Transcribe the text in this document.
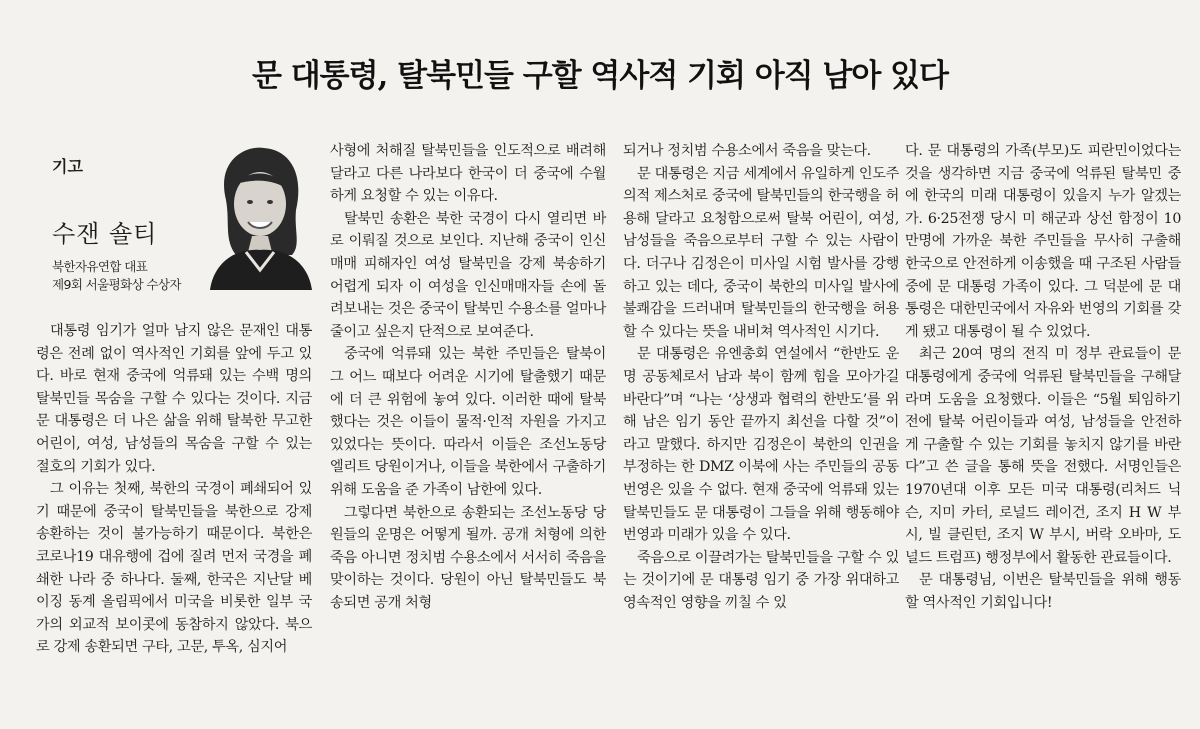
문 대통령, 탈북민들 구할 역사적 기회 아직 남아 있다
기고
수잰 숄티
북한자유연합 대표
제9회 서울평화상 수상자

대통령 임기가 얼마 남지 않은 문재인 대통령은 전례 없이 역사적인 기회를 앞에 두고 있다. 바로 현재 중국에 억류돼 있는 수백 명의 탈북민들 목숨을 구할 수 있다는 것이다. 지금 문 대통령은 더 나은 삶을 위해 탈북한 무고한 어린이, 여성, 남성들의 목숨을 구할 수 있는 절호의 기회가 있다.

그 이유는 첫째, 북한의 국경이 폐쇄되어 있기 때문에 중국이 탈북민들을 북한으로 강제 송환하는 것이 불가능하기 때문이다. 북한은 코로나19 대유행에 겁에 질려 먼저 국경을 폐쇄한 나라 중 하나다. 둘째, 한국은 지난달 베이징 동계 올림픽에서 미국을 비롯한 일부 국가의 외교적 보이콧에 동참하지 않았다. 북으로 강제 송환되면 구타, 고문, 투옥, 심지어

사형에 처해질 탈북민들을 인도적으로 배려해달라고 다른 나라보다 한국이 더 중국에 수월하게 요청할 수 있는 이유다.

탈북민 송환은 북한 국경이 다시 열리면 바로 이뤄질 것으로 보인다. 지난해 중국이 인신매매 피해자인 여성 탈북민을 강제 북송하기 어렵게 되자 이 여성을 인신매매자들 손에 돌려보내는 것은 중국이 탈북민 수용소를 얼마나 줄이고 싶은지 단적으로 보여준다.

중국에 억류돼 있는 북한 주민들은 탈북이 그 어느 때보다 어려운 시기에 탈출했기 때문에 더 큰 위험에 놓여 있다. 이러한 때에 탈북했다는 것은 이들이 물적·인적 자원을 가지고 있었다는 뜻이다. 따라서 이들은 조선노동당 엘리트 당원이거나, 이들을 북한에서 구출하기 위해 도움을 준 가족이 남한에 있다.

그렇다면 북한으로 송환되는 조선노동당 당원들의 운명은 어떻게 될까. 공개 처형에 의한 죽음 아니면 정치범 수용소에서 서서히 죽음을 맞이하는 것이다. 당원이 아닌 탈북민들도 북송되면 공개 처형

되거나 정치범 수용소에서 죽음을 맞는다.

문 대통령은 지금 세계에서 유일하게 인도주의적 제스처로 중국에 탈북민들의 한국행을 허용해 달라고 요청함으로써 탈북 어린이, 여성, 남성들을 죽음으로부터 구할 수 있는 사람이다. 더구나 김정은이 미사일 시험 발사를 강행하고 있는 데다, 중국이 북한의 미사일 발사에 불쾌감을 드러내며 탈북민들의 한국행을 허용할 수 있다는 뜻을 내비쳐 역사적인 시기다.

문 대통령은 유엔총회 연설에서 “한반도 운명 공동체로서 남과 북이 함께 힘을 모아가길 바란다”며 “나는 ‘상생과 협력의 한반도’를 위해 남은 임기 동안 끝까지 최선을 다할 것”이라고 말했다. 하지만 김정은이 북한의 인권을 부정하는 한 DMZ 이북에 사는 주민들의 공동 번영은 있을 수 없다. 현재 중국에 억류돼 있는 탈북민들도 문 대통령이 그들을 위해 행동해야 번영과 미래가 있을 수 있다.

죽음으로 이끌려가는 탈북민들을 구할 수 있는 것이기에 문 대통령 임기 중 가장 위대하고 영속적인 영향을 끼칠 수 있

다. 문 대통령의 가족(부모)도 피란민이었다는 것을 생각하면 지금 중국에 억류된 탈북민 중에 한국의 미래 대통령이 있을지 누가 알겠는가. 6·25전쟁 당시 미 해군과 상선 함정이 10만명에 가까운 북한 주민들을 무사히 구출해 한국으로 안전하게 이송했을 때 구조된 사람들 중에 문 대통령 가족이 있다. 그 덕분에 문 대통령은 대한민국에서 자유와 번영의 기회를 갖게 됐고 대통령이 될 수 있었다.

최근 20여 명의 전직 미 정부 관료들이 문 대통령에게 중국에 억류된 탈북민들을 구해달라며 도움을 요청했다. 이들은 “5월 퇴임하기 전에 탈북 어린이들과 여성, 남성들을 안전하게 구출할 수 있는 기회를 놓치지 않기를 바란다”고 쓴 글을 통해 뜻을 전했다. 서명인들은 1970년대 이후 모든 미국 대통령(리처드 닉슨, 지미 카터, 로널드 레이건, 조지 H W 부시, 빌 클린턴, 조지 W 부시, 버락 오바마, 도널드 트럼프) 행정부에서 활동한 관료들이다.

문 대통령님, 이번은 탈북민들을 위해 행동할 역사적인 기회입니다!
